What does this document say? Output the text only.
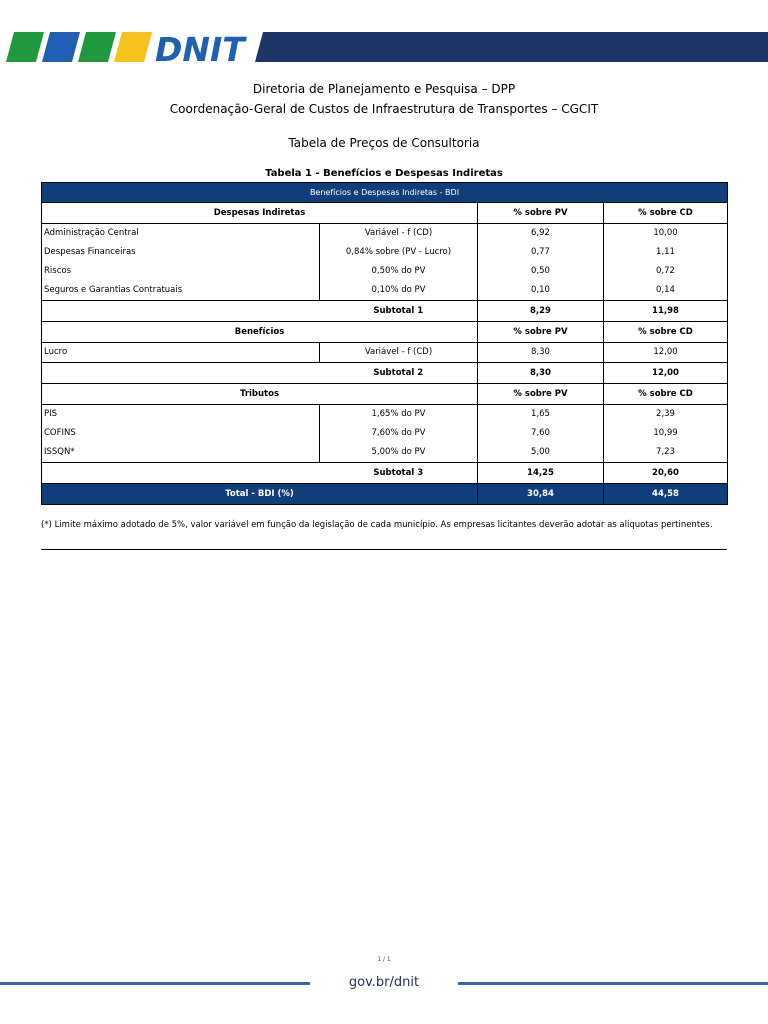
DNIT
Diretoria de Planejamento e Pesquisa – DPP
Coordenação-Geral de Custos de Infraestrutura de Transportes – CGCIT
Tabela de Preços de Consultoria
Tabela 1 - Benefícios e Despesas Indiretas
Benefícios e Despesas Indiretas - BDI			
Despesas Indiretas		% sobre PV	% sobre CD
Administração Central	Variável - f (CD)	6,92	10,00
Despesas Financeiras	0,84% sobre (PV - Lucro)	0,77	1,11
Riscos	0,50% do PV	0,50	0,72
Seguros e Garantias Contratuais	0,10% do PV	0,10	0,14
	Subtotal 1	8,29	11,98
Benefícios		% sobre PV	% sobre CD
Lucro	Variável - f (CD)	8,30	12,00
	Subtotal 2	8,30	12,00
Tributos		% sobre PV	% sobre CD
PIS	1,65% do PV	1,65	2,39
COFINS	7,60% do PV	7,60	10,99
ISSQN*	5,00% do PV	5,00	7,23
	Subtotal 3	14,25	20,60
Total - BDI (%)		30,84	44,58
(*) Limite máximo adotado de 5%, valor variável em função da legislação de cada município. As empresas licitantes deverão adotar as alíquotas pertinentes.
1 / 1
gov.br/dnit
